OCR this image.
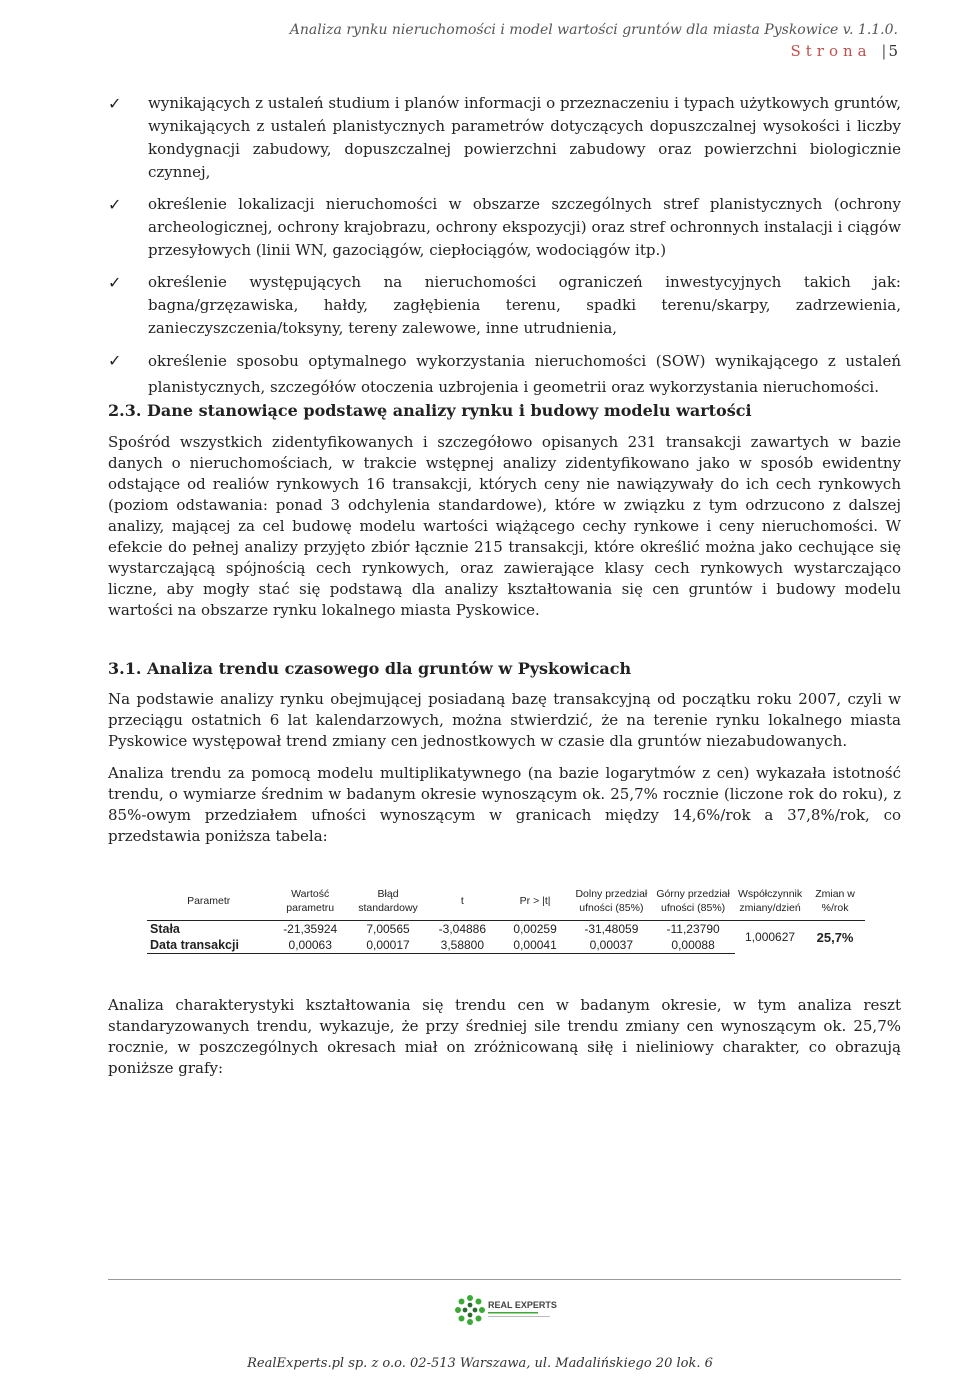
Analiza rynku nieruchomości i model wartości gruntów dla miasta Pyskowice v. 1.1.0.
Strona | 5
✓ wynikających z ustaleń studium i planów informacji o przeznaczeniu i typach użytkowych gruntów, wynikających z ustaleń planistycznych parametrów dotyczących dopuszczalnej wysokości i liczby kondygnacji zabudowy, dopuszczalnej powierzchni zabudowy oraz powierzchni biologicznie czynnej,
✓ określenie lokalizacji nieruchomości w obszarze szczególnych stref planistycznych (ochrony archeologicznej, ochrony krajobrazu, ochrony ekspozycji) oraz stref ochronnych instalacji i ciągów przesyłowych (linii WN, gazociągów, ciepłociągów, wodociągów itp.)
✓ określenie występujących na nieruchomości ograniczeń inwestycyjnych takich jak: bagna/grzęzawiska, hałdy, zagłębienia terenu, spadki terenu/skarpy, zadrzewienia, zanieczyszczenia/toksyny, tereny zalewowe, inne utrudnienia,
✓ określenie sposobu optymalnego wykorzystania nieruchomości (SOW) wynikającego z ustaleń planistycznych, szczegółów otoczenia uzbrojenia i geometrii oraz wykorzystania nieruchomości.
2.3. Dane stanowiące podstawę analizy rynku i budowy modelu wartości
Spośród wszystkich zidentyfikowanych i szczegółowo opisanych 231 transakcji zawartych w bazie danych o nieruchomościach, w trakcie wstępnej analizy zidentyfikowano jako w sposób ewidentny odstające od realiów rynkowych 16 transakcji, których ceny nie nawiązywały do ich cech rynkowych (poziom odstawania: ponad 3 odchylenia standardowe), które w związku z tym odrzucono z dalszej analizy, mającej za cel budowę modelu wartości wiążącego cechy rynkowe i ceny nieruchomości. W efekcie do pełnej analizy przyjęto zbiór łącznie 215 transakcji, które określić można jako cechujące się wystarczającą spójnością cech rynkowych, oraz zawierające klasy cech rynkowych wystarczająco liczne, aby mogły stać się podstawą dla analizy kształtowania się cen gruntów i budowy modelu wartości na obszarze rynku lokalnego miasta Pyskowice.
3.1. Analiza trendu czasowego dla gruntów w Pyskowicach
Na podstawie analizy rynku obejmującej posiadaną bazę transakcyjną od początku roku 2007, czyli w przeciągu ostatnich 6 lat kalendarzowych, można stwierdzić, że na terenie rynku lokalnego miasta Pyskowice występował trend zmiany cen jednostkowych w czasie dla gruntów niezabudowanych.
Analiza trendu za pomocą modelu multiplikatywnego (na bazie logarytmów z cen) wykazała istotność trendu, o wymiarze średnim w badanym okresie wynoszącym ok. 25,7% rocznie (liczone rok do roku), z 85%-owym przedziałem ufności wynoszącym w granicach między 14,6%/rok a 37,8%/rok, co przedstawia poniższa tabela:
Parametr	Wartość parametru	Błąd standardowy	t	Pr > |t|	Dolny przedział ufności (85%)	Górny przedział ufności (85%)	Współczynnik zmiany/dzień	Zmian w %/rok
Stała	-21,35924	7,00565	-3,04886	0,00259	-31,48059	-11,23790	1,000627	25,7%
Data transakcji	0,00063	0,00017	3,58800	0,00041	0,00037	0,00088		
Analiza charakterystyki kształtowania się trendu cen w badanym okresie, w tym analiza reszt standaryzowanych trendu, wykazuje, że przy średniej sile trendu zmiany cen wynoszącym ok. 25,7% rocznie, w poszczególnych okresach miał on zróżnicowaną siłę i nieliniowy charakter, co obrazują poniższe grafy:
REAL EXPERTS
RealExperts.pl sp. z o.o. 02-513 Warszawa, ul. Madalińskiego 20 lok. 6
